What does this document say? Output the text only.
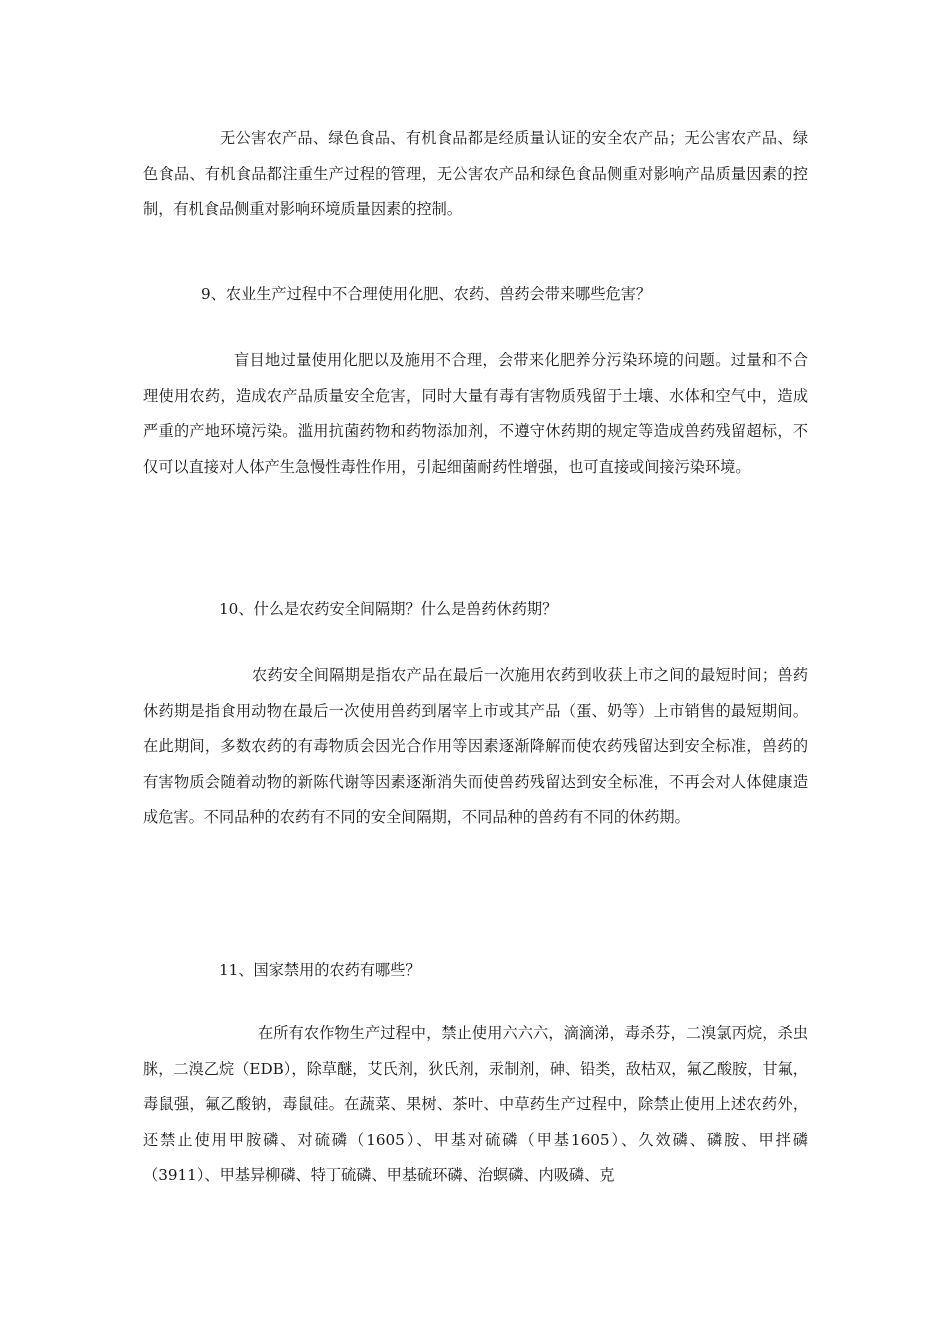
无公害农产品、绿色食品、有机食品都是经质量认证的安全农产品；无公害农产品、绿色食品、有机食品都注重生产过程的管理，无公害农产品和绿色食品侧重对影响产品质量因素的控制，有机食品侧重对影响环境质量因素的控制。

9、农业生产过程中不合理使用化肥、农药、兽药会带来哪些危害？

盲目地过量使用化肥以及施用不合理，会带来化肥养分污染环境的问题。过量和不合理使用农药，造成农产品质量安全危害，同时大量有毒有害物质残留于土壤、水体和空气中，造成严重的产地环境污染。滥用抗菌药物和药物添加剂，不遵守休药期的规定等造成兽药残留超标，不仅可以直接对人体产生急慢性毒性作用，引起细菌耐药性增强，也可直接或间接污染环境。

10、什么是农药安全间隔期？什么是兽药休药期？

农药安全间隔期是指农产品在最后一次施用农药到收获上市之间的最短时间；兽药休药期是指食用动物在最后一次使用兽药到屠宰上市或其产品（蛋、奶等）上市销售的最短期间。在此期间，多数农药的有毒物质会因光合作用等因素逐渐降解而使农药残留达到安全标准，兽药的有害物质会随着动物的新陈代谢等因素逐渐消失而使兽药残留达到安全标准，不再会对人体健康造成危害。不同品种的农药有不同的安全间隔期，不同品种的兽药有不同的休药期。

11、国家禁用的农药有哪些？

在所有农作物生产过程中，禁止使用六六六，滴滴涕，毒杀芬，二溴氯丙烷，杀虫脒，二溴乙烷（EDB），除草醚，艾氏剂，狄氏剂，汞制剂，砷、铅类，敌枯双，氟乙酸胺，甘氟，毒鼠强，氟乙酸钠，毒鼠硅。在蔬菜、果树、茶叶、中草药生产过程中，除禁止使用上述农药外，还禁止使用甲胺磷、对硫磷（1605）、甲基对硫磷（甲基1605）、久效磷、磷胺、甲拌磷（3911）、甲基异柳磷、特丁硫磷、甲基硫环磷、治螟磷、内吸磷、克
